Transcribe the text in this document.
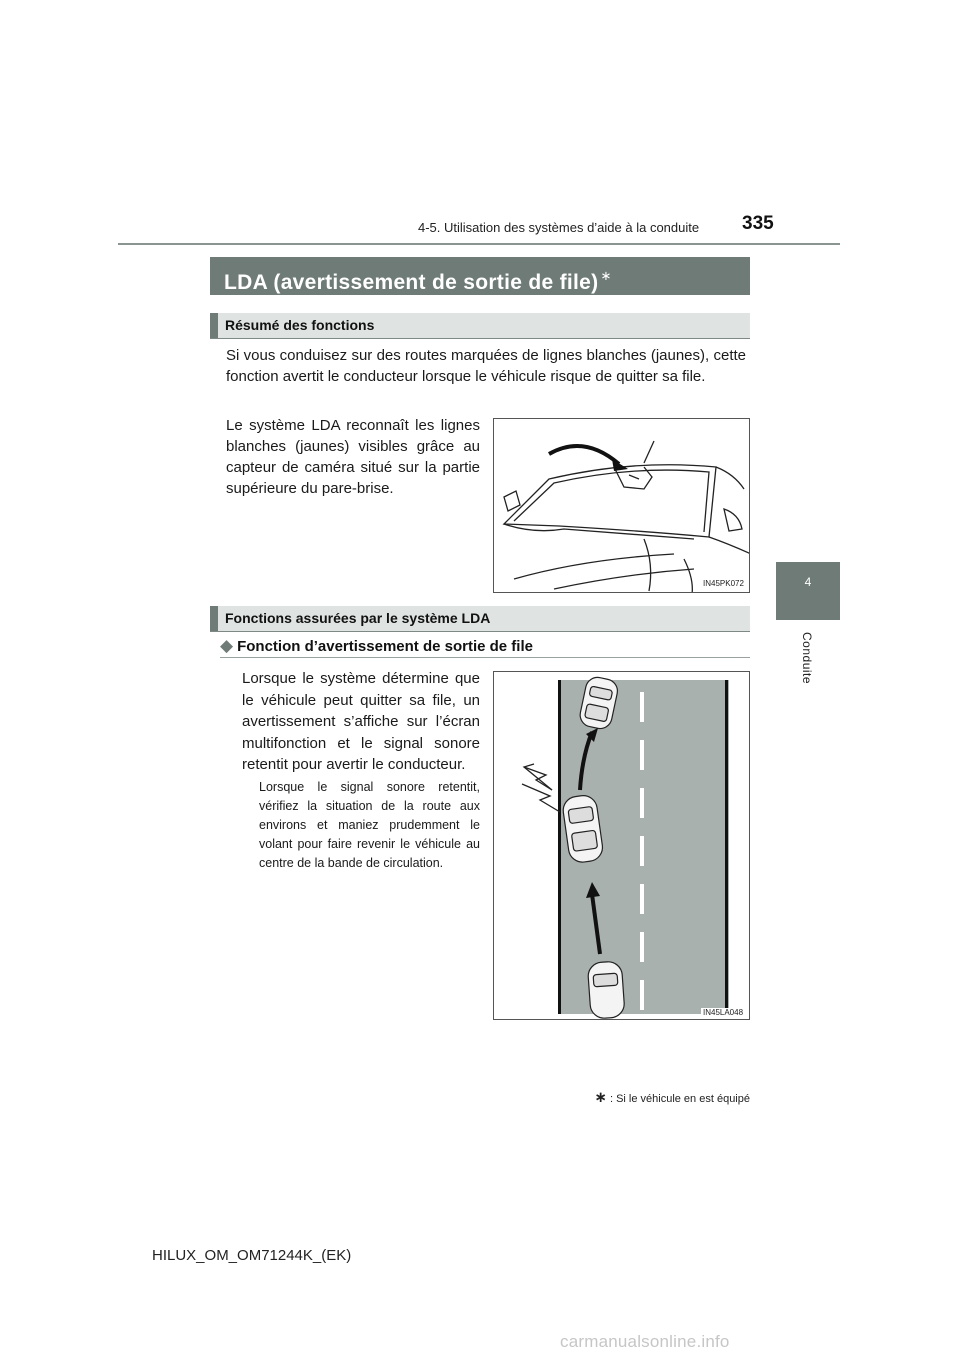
4-5. Utilisation des systèmes d’aide à la conduite 335
4
Conduite
LDA (avertissement de sortie de file) ∗
Résumé des fonctions
Si vous conduisez sur des routes marquées de lignes blanches (jaunes), cette fonction avertit le conducteur lorsque le véhicule risque de quitter sa file.
Le système LDA reconnaît les lignes blanches (jaunes) visibles grâce au capteur de caméra situé sur la partie supérieure du pare-brise.
IN45PK072
Fonctions assurées par le système LDA
◆ Fonction d’avertissement de sortie de file
Lorsque le système détermine que le véhicule peut quitter sa file, un avertissement s’affiche sur l’écran multifonction et le signal sonore retentit pour avertir le conducteur.
Lorsque le signal sonore retentit, vérifiez la situation de la route aux environs et maniez prudemment le volant pour faire revenir le véhicule au centre de la bande de circulation.
IN45LA048
∗ : Si le véhicule en est équipé
HILUX_OM_OM71244K_(EK)
carmanualsonline.info
